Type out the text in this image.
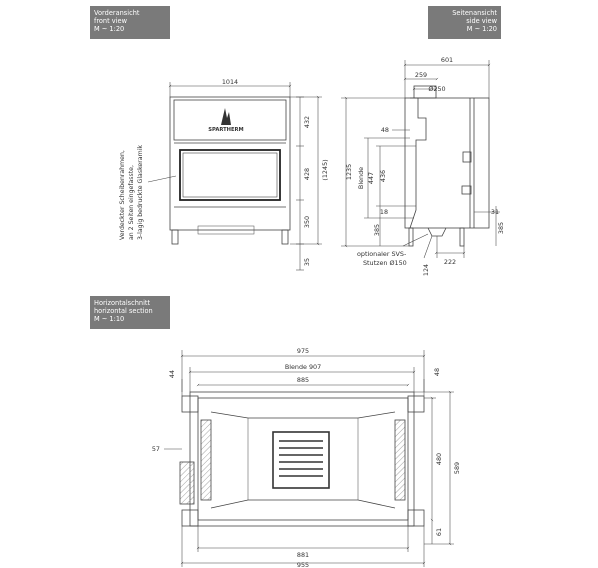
Vorderansicht
front view
M ~ 1:20
Seitenansicht
side view
M ~ 1:20
Horizontalschnitt
horizontal section
M ~ 1:10
SPARTHERM
Verdeckter Scheibenrahmen, an 2 Seiten eingefasste, 3-lagig bedruckte Glaskeramik
1014
432
428 (1245)
350
35
601
259
Ø250
48
1235 Blende 447 436
18
385
31
385
124
222
optionaler SVS-
Stutzen Ø150
975
Blende 907
885
44	48
57
480
589
61
881
955
